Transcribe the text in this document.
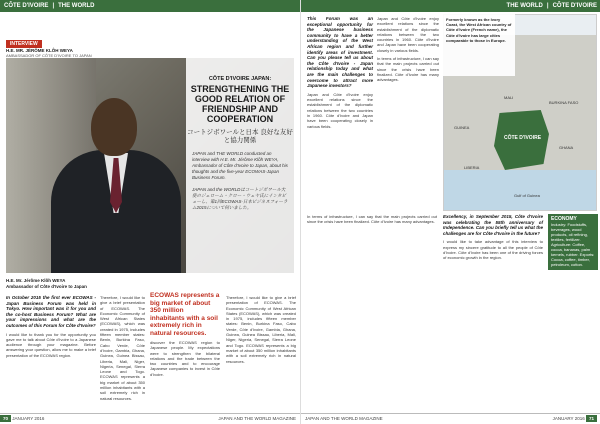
CÔTE D'IVOIRE | THE WORLD
INTERVIEW
H.E. MR. JÉRÔME KLÔH WEYA
AMBASSADOR OF CÔTE D'IVOIRE TO JAPAN
CÔTE D'IVOIRE JAPAN:
STRENGTHENING THE GOOD RELATION OF FRIENDSHIP AND COOPERATION
コートジボワールと日本 良好な友好と協力関係
JAPAN and THE WORLD conducted an interview with H.E. Mr. Jérôme Klôh WEYA, Ambassador of Côte d'Ivoire to Japan, about his thoughts and the five-year ECOWAS-Japan Business Forum.
JAPAN and the WORLDはコートジボワール大使のジェローム・クロー・ウェヤ氏にインタビューし、第1回ECOWAS-日本ビジネスフォーラム2015について伺いました。
H.E. Mr. Jérôme Klôh WEYA
Ambassador of Côte d'Ivoire to Japan
In October 2015 the first ever ECOWAS - Japan Business Forum was held in Tokyo. How important was it for you and the co-host Business Forum? What are your impressions and what are the outcomes of this Forum for Côte d'Ivoire?
I would like to thank you for the opportunity you gave me to talk about Côte d'Ivoire to a Japanese audience through your magazine. Before answering your question, allow me to make a brief presentation of the ECOWAS region.
Therefore, I would like to give a brief presentation of ECOWAS. The Economic Community of West African States (ECOWAS), which was created in 1975, includes fifteen member states: Benin, Burkina Faso, Cabo Verde, Côte d'Ivoire, Gambia, Ghana, Guinea, Guinea Bissau, Liberia, Mali, Niger, Nigeria, Senegal, Sierra Leone and Togo. ECOWAS represents a big market of about 350 million inhabitants with a soil extremely rich in natural resources.
ECOWAS represents a big market of about 350 million inhabitants with a soil extremely rich in natural resources.
discover the ECOWAS region to Japanese people. My expectations were to strengthen the bilateral relations and the trade between the two countries and to encourage Japanese companies to invest in Côte d'Ivoire.
Therefore, I would like to give a brief presentation of ECOWAS. The Economic Community of West African States (ECOWAS), which was created in 1975, includes fifteen member states: Benin, Burkina Faso, Cabo Verde, Côte d'Ivoire, Gambia, Ghana, Guinea, Guinea Bissau, Liberia, Mali, Niger, Nigeria, Senegal, Sierra Leone and Togo. ECOWAS represents a big market of about 350 million inhabitants with a soil extremely rich in natural resources.
70 JANUARY 2016	JAPAN AND THE WORLD MAGAZINE
THE WORLD | CÔTE D'IVOIRE
This Forum was an exceptional opportunity for the Japanese business community to have a better understanding of the West African region and further identify areas of investment. Can you please tell us about the Côte d'Ivoire - Japan relationship today and what are the main challenges to overcome to attract more Japanese investors?
Japan and Côte d'Ivoire enjoy excellent relations since the establishment of the diplomatic relations between the two countries in 1960. Côte d'Ivoire and Japan have been cooperating closely in various fields.
Japan and Côte d'Ivoire enjoy excellent relations since the establishment of the diplomatic relations between the two countries in 1960. Côte d'Ivoire and Japan have been cooperating closely in various fields.
In terms of infrastructure, I can say that the main projects carried out since the crisis have been finalized. Côte d'Ivoire has many advantages.
MALI
BURKINA FASO
GUINEA
LIBERIA
GHANA
Gulf of Guinea
CÔTE D'IVOIRE
Formerly known as the Ivory Coast, the West African country of Côte d'Ivoire (French name), the Côte d'Ivoire has large cities comparable to those in Europe.
Excellency, in September 2015, Côte d'Ivoire was celebrating the 55th anniversary of Independence. Can you briefly tell us what the challenges are for Côte d'Ivoire in the future?
I would like to take advantage of this interview to express my sincere gratitude to all the people of Côte d'Ivoire. Côte d'Ivoire has been one of the driving forces of economic growth in the region.
ECONOMY
Industry: Foodstuffs, beverages, wood products, oil refining, textiles, fertilizer. Agriculture: Coffee, cocoa, bananas, palm kernels, rubber. Exports: Cocoa, coffee, timber, petroleum, cotton.
In terms of infrastructure, I can say that the main projects carried out since the crisis have been finalized. Côte d'Ivoire has many advantages.
JAPAN AND THE WORLD MAGAZINE	JANUARY 2016 71
